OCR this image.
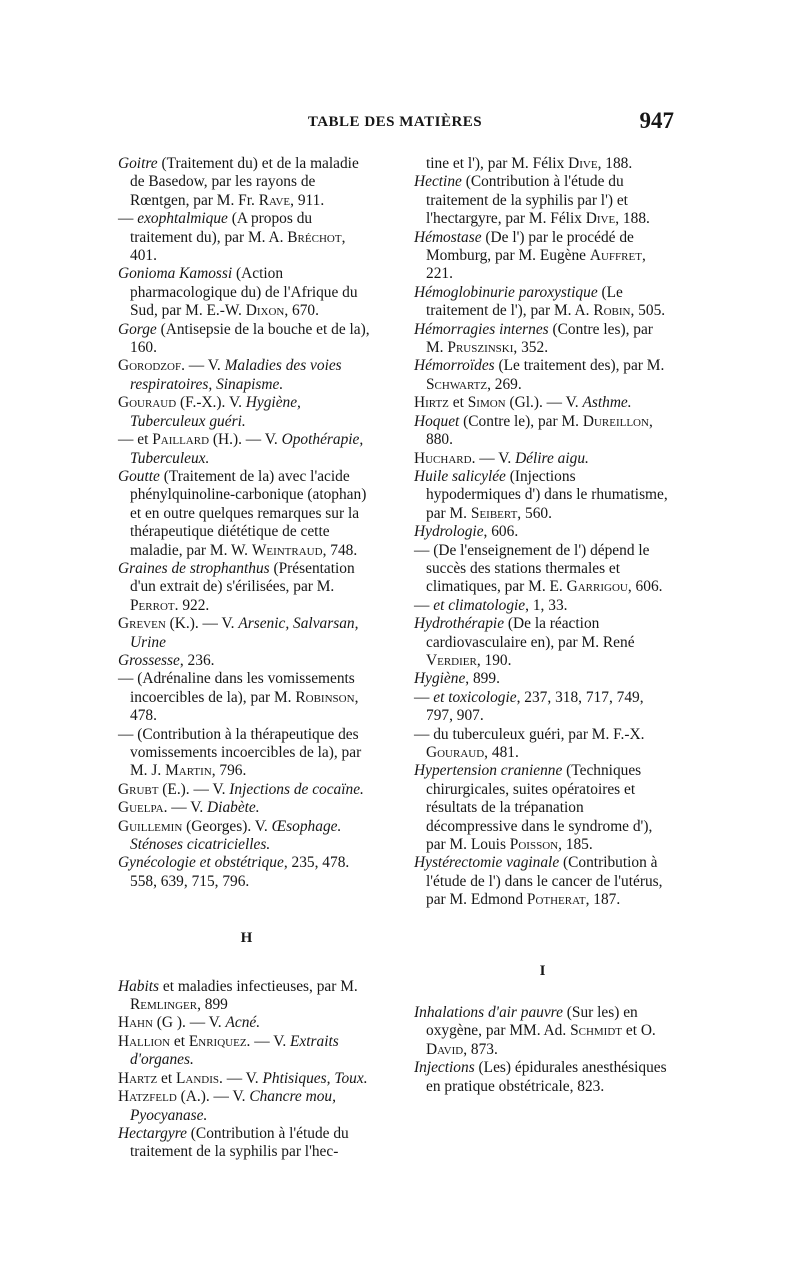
TABLE DES MATIÈRES	947

Goitre (Traitement du) et de la maladie de Basedow, par les rayons de Rœntgen, par M. Fr. Rave, 911.

— exophtalmique (A propos du traitement du), par M. A. Bréchot, 401.

Gonioma Kamossi (Action pharmacologique du) de l'Afrique du Sud, par M. E.-W. Dixon, 670.

Gorge (Antisepsie de la bouche et de la), 160.

Gorodzof. — V. Maladies des voies respiratoires, Sinapisme.

Gouraud (F.-X.). V. Hygiène, Tuberculeux guéri.

— et Paillard (H.). — V. Opothérapie, Tuberculeux.

Goutte (Traitement de la) avec l'acide phénylquinoline-carbonique (atophan) et en outre quelques remarques sur la thérapeutique diététique de cette maladie, par M. W. Weintraud, 748.

Graines de strophanthus (Présentation d'un extrait de) s'érilisées, par M. Perrot. 922.

Greven (K.). — V. Arsenic, Salvarsan, Urine

Grossesse, 236.

— (Adrénaline dans les vomissements incoercibles de la), par M. Robinson, 478.

— (Contribution à la thérapeutique des vomissements incoercibles de la), par M. J. Martin, 796.

Grubt (E.). — V. Injections de cocaïne.

Guelpa. — V. Diabète.

Guillemin (Georges). V. Œsophage. Sténoses cicatricielles.

Gynécologie et obstétrique, 235, 478. 558, 639, 715, 796.

H

Habits et maladies infectieuses, par M. Remlinger, 899

Hahn (G ). — V. Acné.

Hallion et Enriquez. — V. Extraits d'organes.

Hartz et Landis. — V. Phtisiques, Toux.

Hatzfeld (A.). — V. Chancre mou, Pyocyanase.

Hectargyre (Contribution à l'étude du traitement de la syphilis par l'hec-

tine et l'), par M. Félix Dive, 188.

Hectine (Contribution à l'étude du traitement de la syphilis par l') et l'hectargyre, par M. Félix Dive, 188.

Hémostase (De l') par le procédé de Momburg, par M. Eugène Auffret, 221.

Hémoglobinurie paroxystique (Le traitement de l'), par M. A. Robin, 505.

Hémorragies internes (Contre les), par M. Pruszinski, 352.

Hémorroïdes (Le traitement des), par M. Schwartz, 269.

Hirtz et Simon (Gl.). — V. Asthme.

Hoquet (Contre le), par M. Dureillon, 880.

Huchard. — V. Délire aigu.

Huile salicylée (Injections hypodermiques d') dans le rhumatisme, par M. Seibert, 560.

Hydrologie, 606.

— (De l'enseignement de l') dépend le succès des stations thermales et climatiques, par M. E. Garrigou, 606.

— et climatologie, 1, 33.

Hydrothérapie (De la réaction cardiovasculaire en), par M. René Verdier, 190.

Hygiène, 899.

— et toxicologie, 237, 318, 717, 749, 797, 907.

— du tuberculeux guéri, par M. F.-X. Gouraud, 481.

Hypertension cranienne (Techniques chirurgicales, suites opératoires et résultats de la trépanation décompressive dans le syndrome d'), par M. Louis Poisson, 185.

Hystérectomie vaginale (Contribution à l'étude de l') dans le cancer de l'utérus, par M. Edmond Potherat, 187.

I

Inhalations d'air pauvre (Sur les) en oxygène, par MM. Ad. Schmidt et O. David, 873.

Injections (Les) épidurales anesthésiques en pratique obstétricale, 823.
